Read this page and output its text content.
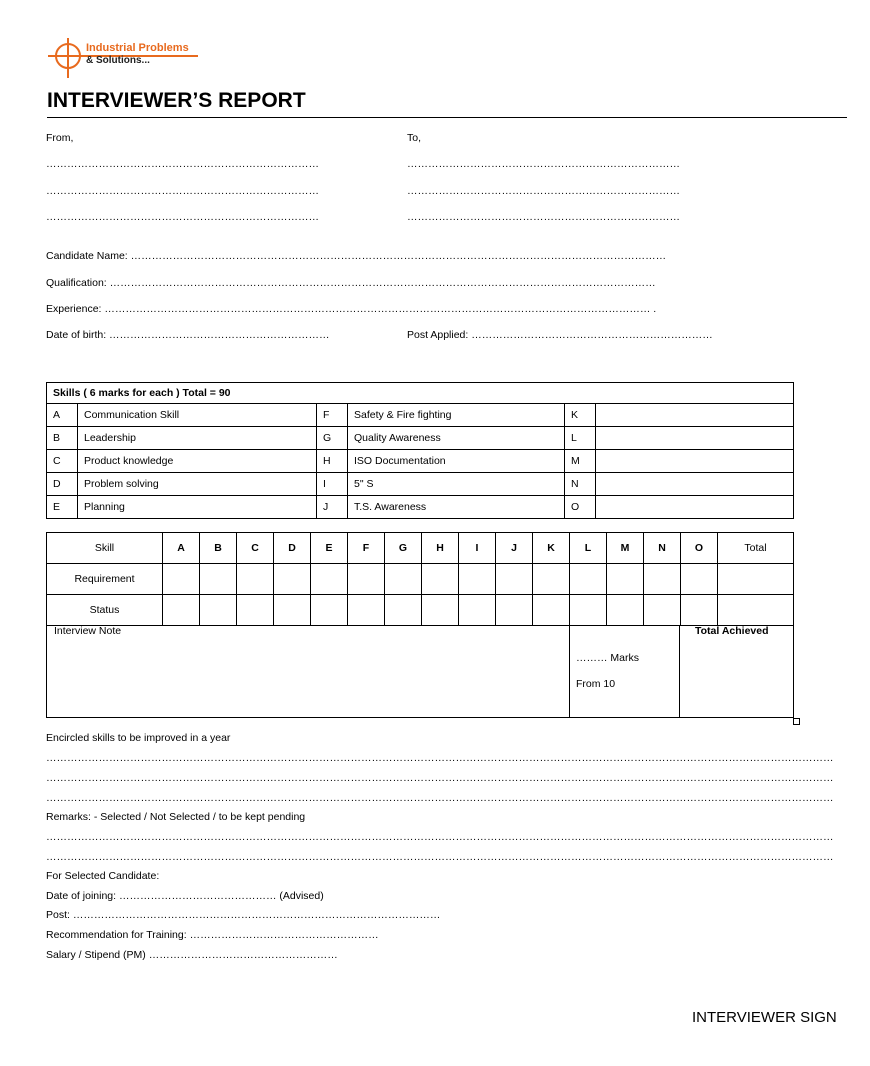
Industrial Problems
& Solutions...
INTERVIEWER’S REPORT
From,	To,
……………………………………………………………………
……………………………………………………………………
……………………………………………………………………
……………………………………………………………………
……………………………………………………………………
……………………………………………………………………
Candidate Name: ………………………………………………………………………………………………………………………………………
Qualification: …………………………………………………………………………………………………………………………………………
Experience: ………………………………………………………………………………………………………………………………………… .
Date of birth: ………………………………………………………	Post Applied: ……………………………………………………………
Skills ( 6 marks for each ) Total = 90					
A	Communication Skill	F	Safety & Fire fighting	K	
B	Leadership	G	Quality Awareness	L	
C	Product knowledge	H	ISO Documentation	M	
D	Problem solving	I	5" S	N	
E	Planning	J	T.S. Awareness	O	
Skill	A	B	C	D	E	F	G	H	I	J	K	L	M	N	O	Total
Requirement																
Status																
Interview Note
……… Marks
From 10
Total Achieved
Encircled skills to be improved in a year
………………………………………………………………………………………………………………………………………………………………………………………………………
………………………………………………………………………………………………………………………………………………………………………………………………………
………………………………………………………………………………………………………………………………………………………………………………………………………
Remarks: - Selected / Not Selected / to be kept pending
………………………………………………………………………………………………………………………………………………………………………………………………………
………………………………………………………………………………………………………………………………………………………………………………………………………
For Selected Candidate:
Date of joining: ……………………………………… (Advised)
Post: ……………………………………………………………………………………………
Recommendation for Training: ………………………………………………
Salary / Stipend (PM) ………………………………………………
INTERVIEWER SIGN
